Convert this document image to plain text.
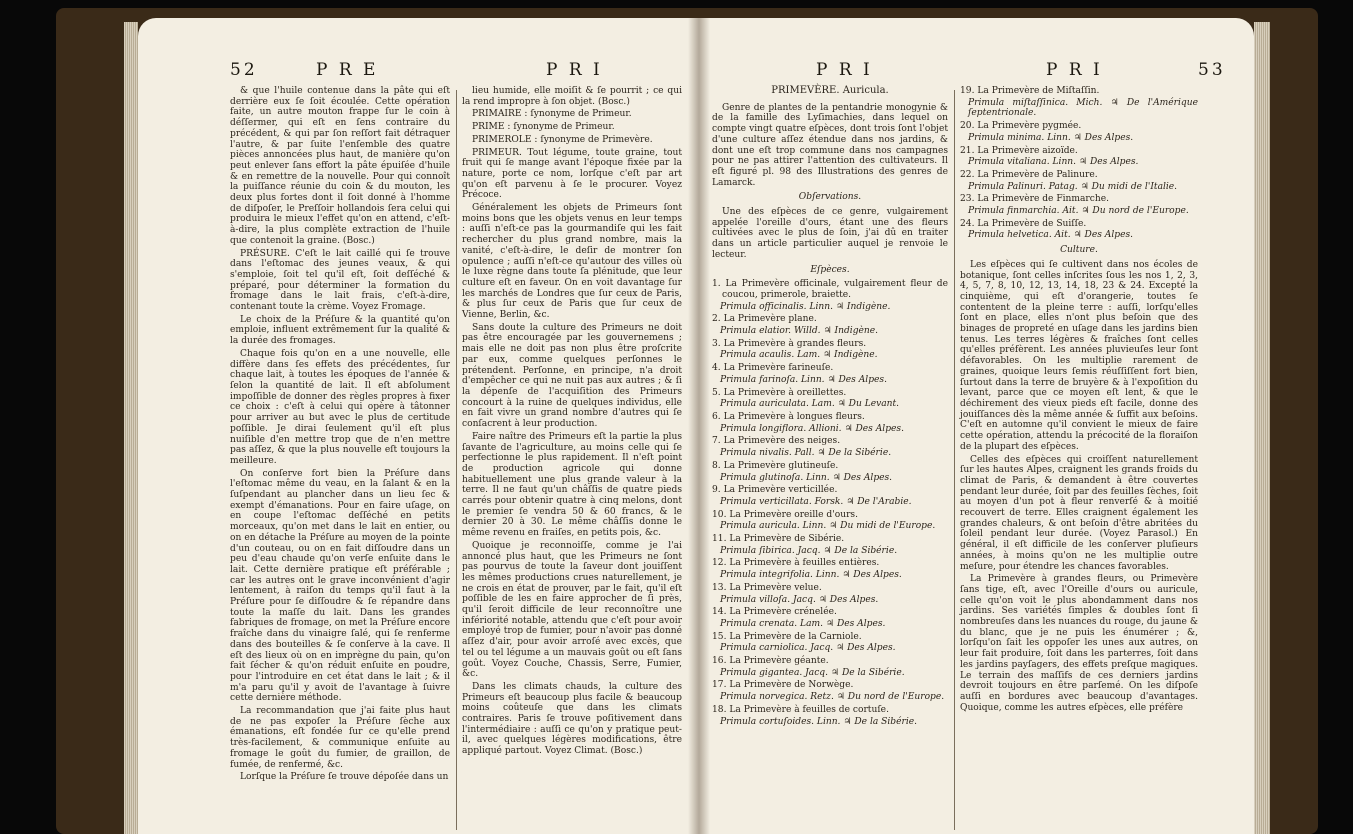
52	P R E	P R I

& que l'huile contenue dans la pâte qui eſt derrière eux ſe ſoit écoulée. Cette opération faite, un autre mouton frappe ſur le coin à déſſermer, qui eſt en ſens contraire du précédent, & qui par ſon reſſort fait détraquer l'autre, & par ſuite l'enſemble des quatre pièces annoncées plus haut, de manière qu'on peut enlever ſans effort la pâte épuiſée d'huile & en remettre de la nouvelle. Pour qui connoît la puiſſance réunie du coin & du mouton, les deux plus fortes dont il ſoit donné à l'homme de diſpoſer, le Preſſoir hollandois ſera celui qui produira le mieux l'effet qu'on en attend, c'eſt-à-dire, la plus complète extraction de l'huile que contenoit la graine. (Bosc.)

PRÉSURE. C'eſt le lait caillé qui ſe trouve dans l'eſtomac des jeunes veaux, & qui s'emploie, ſoit tel qu'il eſt, ſoit deſſéché & préparé, pour déterminer la formation du fromage dans le lait frais, c'eſt-à-dire, contenant toute la crème. Voyez Fromage.

Le choix de la Préſure & la quantité qu'on emploie, influent extrêmement ſur la qualité & la durée des fromages.

Chaque fois qu'on en a une nouvelle, elle diffère dans ſes effets des précédentes, ſur chaque lait, à toutes les époques de l'année & ſelon la quantité de lait. Il eſt abſolument impoſſible de donner des règles propres à fixer ce choix : c'eſt à celui qui opère à tâtonner pour arriver au but avec le plus de certitude poſſible. Je dirai ſeulement qu'il eſt plus nuiſible d'en mettre trop que de n'en mettre pas aſſez, & que la plus nouvelle eſt toujours la meilleure.

On conſerve fort bien la Préſure dans l'eſtomac même du veau, en la ſalant & en la ſuſpendant au plancher dans un lieu ſec & exempt d'émanations. Pour en faire uſage, on en coupe l'eſtomac deſſéché en petits morceaux, qu'on met dans le lait en entier, ou on en détache la Préſure au moyen de la pointe d'un couteau, ou on en fait diſſoudre dans un peu d'eau chaude qu'on verſe enſuite dans le lait. Cette dernière pratique eſt préférable ; car les autres ont le grave inconvénient d'agir lentement, à raiſon du temps qu'il faut à la Préſure pour ſe diſſoudre & ſe répandre dans toute la maſſe du lait. Dans les grandes fabriques de fromage, on met la Préſure encore fraîche dans du vinaigre ſalé, qui ſe renferme dans des bouteilles & ſe conſerve à la cave. Il eſt des lieux où on en imprègne du pain, qu'on fait ſécher & qu'on réduit enſuite en poudre, pour l'introduire en cet état dans le lait ; & il m'a paru qu'il y avoit de l'avantage à ſuivre cette dernière méthode.

La recommandation que j'ai faite plus haut de ne pas expoſer la Préſure ſèche aux émanations, eſt fondée ſur ce qu'elle prend très-facilement, & communique enſuite au fromage le goût du fumier, de graillon, de fumée, de renfermé, &c.

Lorſque la Préſure ſe trouve dépoſée dans un

lieu humide, elle moiſit & ſe pourrit ; ce qui la rend impropre à ſon objet. (Bosc.)

PRIMAIRE : ſynonyme de Primeur.

PRIME : ſynonyme de Primeur.

PRIMEROLE : ſynonyme de Primevère.

PRIMEUR. Tout légume, toute graine, tout fruit qui ſe mange avant l'époque fixée par la nature, porte ce nom, lorſque c'eſt par art qu'on eſt parvenu à ſe le procurer. Voyez Précoce.

Généralement les objets de Primeurs ſont moins bons que les objets venus en leur temps : auſſi n'eſt-ce pas la gourmandiſe qui les fait rechercher du plus grand nombre, mais la vanité, c'eſt-à-dire, le deſir de montrer ſon opulence ; auſſi n'eſt-ce qu'autour des villes où le luxe règne dans toute ſa plénitude, que leur culture eſt en faveur. On en voit davantage ſur les marchés de Londres que ſur ceux de Paris, & plus ſur ceux de Paris que ſur ceux de Vienne, Berlin, &c.

Sans doute la culture des Primeurs ne doit pas être encouragée par les gouvernemens ; mais elle ne doit pas non plus être proſcrite par eux, comme quelques perſonnes le prétendent. Perſonne, en principe, n'a droit d'empêcher ce qui ne nuit pas aux autres ; & ſi la dépenſe de l'acquiſition des Primeurs concourt à la ruine de quelques individus, elle en fait vivre un grand nombre d'autres qui ſe conſacrent à leur production.

Faire naître des Primeurs eſt la partie la plus ſavante de l'agriculture, au moins celle qui ſe perfectionne le plus rapidement. Il n'eſt point de production agricole qui donne habituellement une plus grande valeur à la terre. Il ne faut qu'un châſſis de quatre pieds carrés pour obtenir quatre à cinq melons, dont le premier ſe vendra 50 & 60 francs, & le dernier 20 à 30. Le même châſſis donne le même revenu en fraiſes, en petits pois, &c.

Quoique je reconnoiſſe, comme je l'ai annoncé plus haut, que les Primeurs ne ſont pas pourvus de toute la ſaveur dont jouiſſent les mêmes productions crues naturellement, je ne crois en état de prouver, par le fait, qu'il eſt poſſible de les en faire approcher de ſi près, qu'il ſeroit difficile de leur reconnoître une infériorité notable, attendu que c'eſt pour avoir employé trop de fumier, pour n'avoir pas donné aſſez d'air, pour avoir arroſé avec excès, que tel ou tel légume a un mauvais goût ou eſt ſans goût. Voyez Couche, Chassis, Serre, Fumier, &c.

Dans les climats chauds, la culture des Primeurs eſt beaucoup plus facile & beaucoup moins coûteuſe que dans les climats contraires. Paris ſe trouve poſitivement dans l'intermédiaire : auſſi ce qu'on y pratique peut-il, avec quelques légères modifications, être appliqué partout. Voyez Climat. (Bosc.)

P R I	P R I	53

PRIMEVÈRE. Auricula.

Genre de plantes de la pentandrie monogynie & de la famille des Lyſimachies, dans lequel on compte vingt quatre eſpèces, dont trois ſont l'objet d'une culture aſſez étendue dans nos jardins, & dont une eſt trop commune dans nos campagnes pour ne pas attirer l'attention des cultivateurs. Il eſt figuré pl. 98 des Illustrations des genres de Lamarck.

Obſervations.

Une des eſpèces de ce genre, vulgairement appelée l'oreille d'ours, étant une des fleurs cultivées avec le plus de ſoin, j'ai dû en traiter dans un article particulier auquel je renvoie le lecteur.

Eſpèces.

1. La Primevère officinale, vulgairement fleur de coucou, primerole, braiette.

Primula officinalis. Linn. ♃ Indigène.

2. La Primevère plane.

Primula elatior. Willd. ♃ Indigène.

3. La Primevère à grandes fleurs.

Primula acaulis. Lam. ♃ Indigène.

4. La Primevère farineuſe.

Primula farinoſa. Linn. ♃ Des Alpes.

5. La Primevère à oreillettes.

Primula auriculata. Lam. ♃ Du Levant.

6. La Primevère à longues fleurs.

Primula longiflora. Allioni. ♃ Des Alpes.

7. La Primevère des neiges.

Primula nivalis. Pall. ♃ De la Sibérie.

8. La Primevère glutineuſe.

Primula glutinoſa. Linn. ♃ Des Alpes.

9. La Primevère verticillée.

Primula verticillata. Forsk. ♃ De l'Arabie.

10. La Primevère oreille d'ours.

Primula auricula. Linn. ♃ Du midi de l'Europe.

11. La Primevère de Sibérie.

Primula ſibirica. Jacq. ♃ De la Sibérie.

12. La Primevère à feuilles entières.

Primula integrifolia. Linn. ♃ Des Alpes.

13. La Primevère velue.

Primula villoſa. Jacq. ♃ Des Alpes.

14. La Primevère crénelée.

Primula crenata. Lam. ♃ Des Alpes.

15. La Primevère de la Carniole.

Primula carniolica. Jacq. ♃ Des Alpes.

16. La Primevère géante.

Primula gigantea. Jacq. ♃ De la Sibérie.

17. La Primevère de Norwège.

Primula norvegica. Retz. ♃ Du nord de l'Europe.

18. La Primevère à feuilles de cortuſe.

Primula cortuſoides. Linn. ♃ De la Sibérie.

19. La Primevère de Miſtaſſin.

Primula miſtaſſinica. Mich. ♃ De l'Amérique ſeptentrionale.

20. La Primevère pygmée.

Primula minima. Linn. ♃ Des Alpes.

21. La Primevère aizoïde.

Primula vitaliana. Linn. ♃ Des Alpes.

22. La Primevère de Palinure.

Primula Palinuri. Patag. ♃ Du midi de l'Italie.

23. La Primevère de Finmarche.

Primula finmarchia. Ait. ♃ Du nord de l'Europe.

24. La Primevère de Suiſſe.

Primula helvetica. Ait. ♃ Des Alpes.

Culture.

Les eſpèces qui ſe cultivent dans nos écoles de botanique, ſont celles inſcrites ſous les nos 1, 2, 3, 4, 5, 7, 8, 10, 12, 13, 14, 18, 23 & 24. Excepté la cinquième, qui eſt d'orangerie, toutes ſe contentent de la pleine terre : auſſi, lorſqu'elles ſont en place, elles n'ont plus beſoin que des binages de propreté en uſage dans les jardins bien tenus. Les terres légères & fraîches ſont celles qu'elles préfèrent. Les années pluvieuſes leur ſont défavorables. On les multiplie rarement de graines, quoique leurs ſemis réuſſiſſent fort bien, ſurtout dans la terre de bruyère & à l'expoſition du levant, parce que ce moyen eſt lent, & que le déchirement des vieux pieds eſt facile, donne des jouiſſances dès la même année & ſuffit aux beſoins. C'eſt en automne qu'il convient le mieux de faire cette opération, attendu la précocité de la floraiſon de la plupart des eſpèces.

Celles des eſpèces qui croiſſent naturellement ſur les hautes Alpes, craignent les grands froids du climat de Paris, & demandent à être couvertes pendant leur durée, ſoit par des feuilles ſèches, ſoit au moyen d'un pot à fleur renverſé & à moitié recouvert de terre. Elles craignent également les grandes chaleurs, & ont beſoin d'être abritées du ſoleil pendant leur durée. (Voyez Parasol.) En général, il eſt difficile de les conſerver pluſieurs années, à moins qu'on ne les multiplie outre meſure, pour étendre les chances favorables.

La Primevère à grandes fleurs, ou Primevère ſans tige, eſt, avec l'Oreille d'ours ou auricule, celle qu'on voit le plus abondamment dans nos jardins. Ses variétés ſimples & doubles ſont ſi nombreuſes dans les nuances du rouge, du jaune & du blanc, que je ne puis les énumérer ; &, lorſqu'on ſait les oppoſer les unes aux autres, on leur fait produire, ſoit dans les parterres, ſoit dans les jardins payſagers, des effets preſque magiques. Le terrain des maſſifs de ces derniers jardins devroit toujours en être parſemé. On les diſpoſe auſſi en bordures avec beaucoup d'avantages. Quoique, comme les autres eſpèces, elle préfère
